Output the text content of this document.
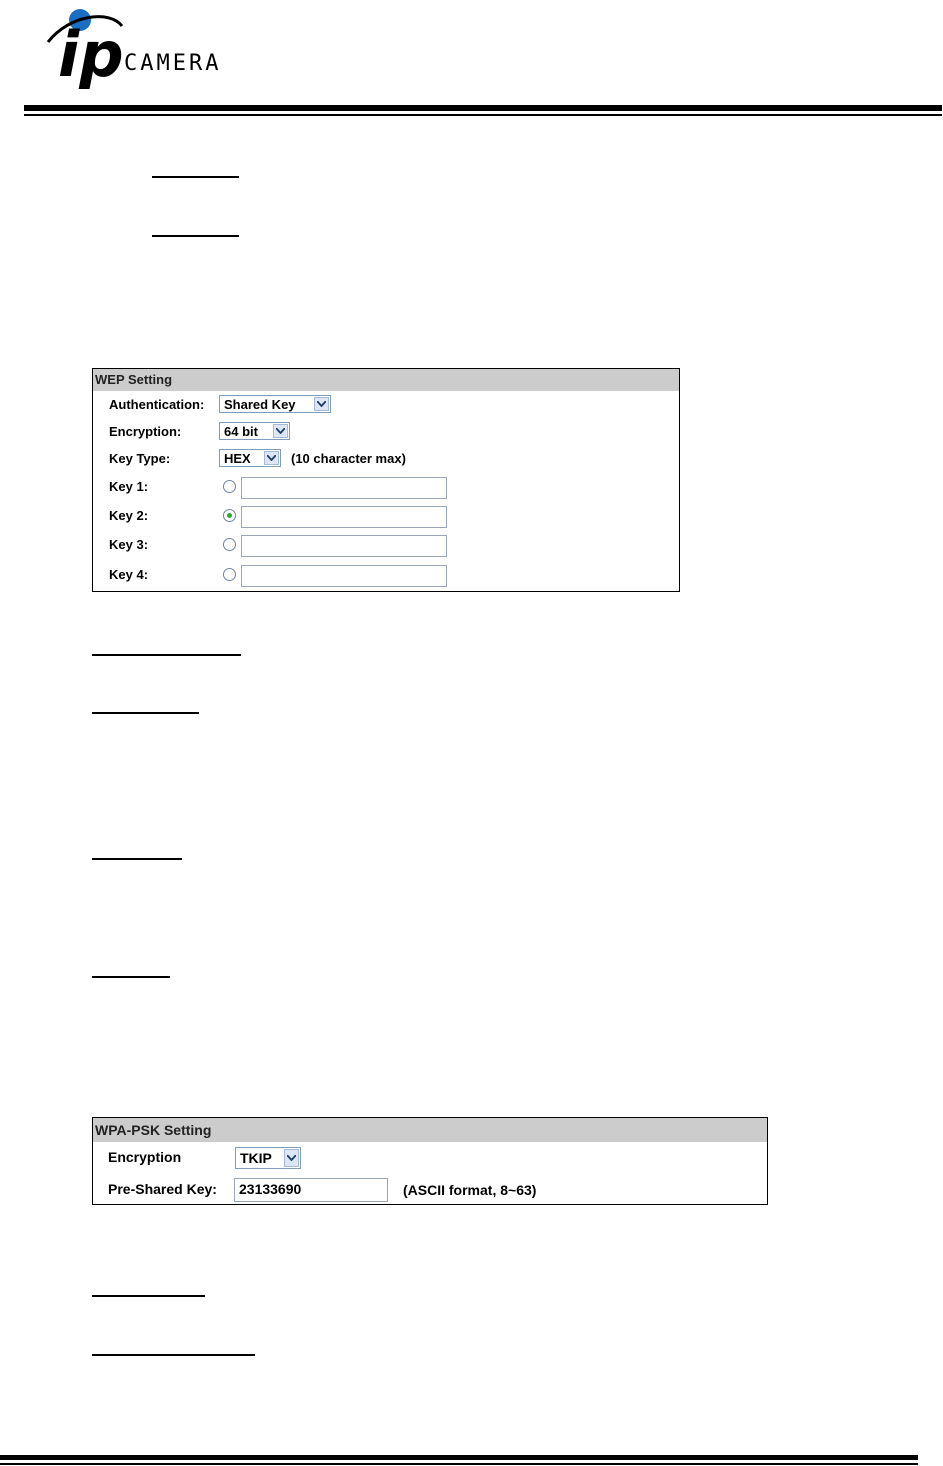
ip CAMERA
WEP Setting
Authentication: Shared Key
Encryption:	64 bit
Key Type:	HEX	(10 character max)
Key 1:
Key 2:
Key 3:
Key 4:
WPA-PSK Setting
Encryption	TKIP
Pre-Shared Key:	23133690	(ASCII format, 8~63)
